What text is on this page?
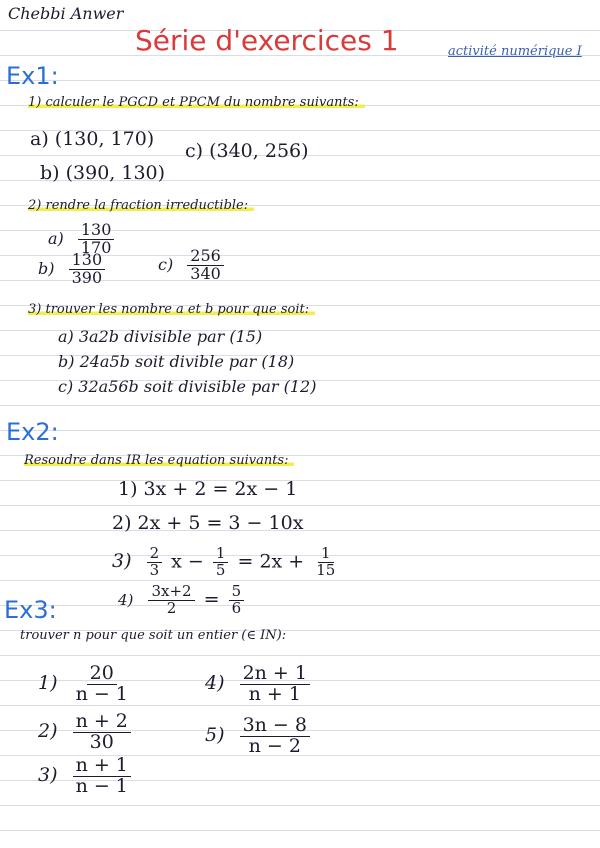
Chebbi Anwer
Série d'exercices 1	activité numérique I
Ex1:
1) calculer le PGCD et PPCM du nombre suivants:
a) (130, 170)
c) (340, 256)
b) (390, 130)
2) rendre la fraction irreductible:
$a) \frac{130}{170}$
$b) \frac{130}{390}$	$c) \frac{256}{340}$
3) trouver les nombre a et b pour que soit:
a) 3a2b divisible par (15)
b) 24a5b soit divible par (18)
c) 32a56b soit divisible par (12)
Ex2:
Resoudre dans IR les equation suivants:
1) 3x + 2 = 2x − 1
2) 2x + 5 = 3 − 10x
$3) \frac{2}{3}$ $x - \frac{1}{5} = 2x + \frac{1}{15}$
$4) \frac{3x+2}{2} = \frac{5}{6}$
Ex3:
trouver n pour que soit un entier (∈ IN):
$1) \frac{20}{n - 1}$
$2) \frac{n + 2}{30}$
$3) \frac{n + 1}{n - 1}$
$4) \frac{2n + 1}{n + 1}$
$5) \frac{3n - 8}{n - 2}$
